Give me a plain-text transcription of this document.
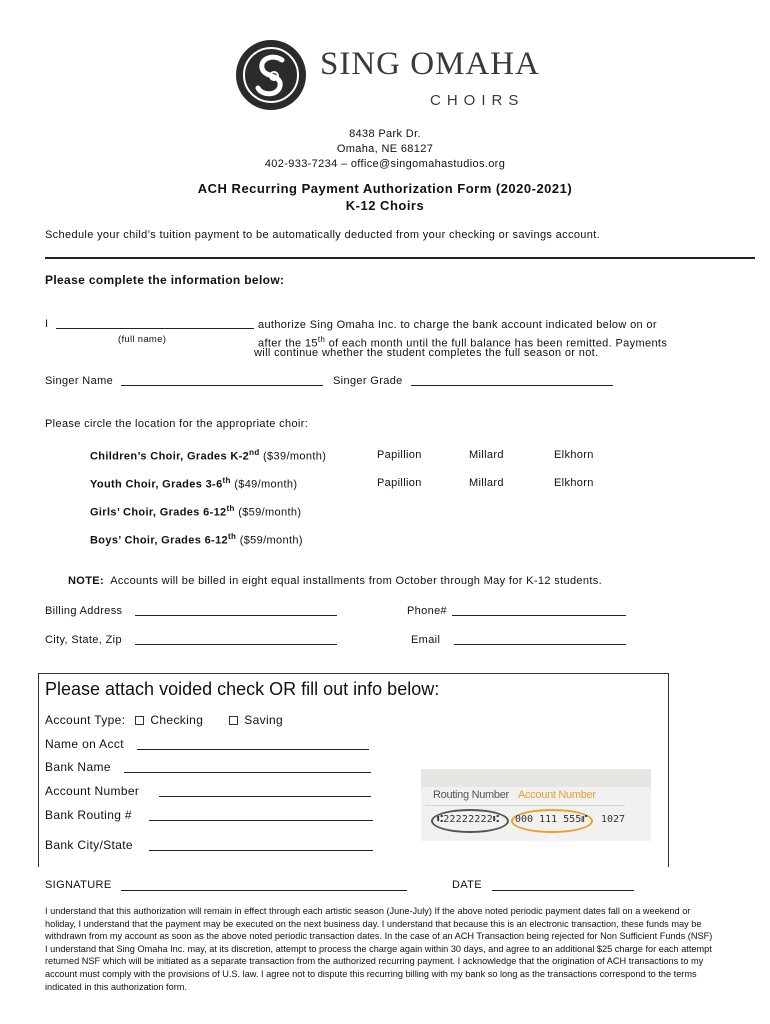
SING OMAHA
CHOIRS
8438 Park Dr.
Omaha, NE 68127
402-933-7234 – office@singomahastudios.org
ACH Recurring Payment Authorization Form (2020-2021)
K-12 Choirs
Schedule your child’s tuition payment to be automatically deducted from your checking or savings account.
Please complete the information below:
I
(full name)
authorize Sing Omaha Inc. to charge the bank account indicated below on or
after the 15th of each month until the full balance has been remitted. Payments
will continue whether the student completes the full season or not.
Singer Name	Singer Grade
Please circle the location for the appropriate choir:
Children’s Choir, Grades K-2nd ($39/month)	Papillion	Millard	Elkhorn
Youth Choir, Grades 3-6th ($49/month)	Papillion	Millard	Elkhorn
Girls’ Choir, Grades 6-12th ($59/month)
Boys’ Choir, Grades 6-12th ($59/month)
NOTE: Accounts will be billed in eight equal installments from October through May for K-12 students.
Billing Address	Phone#
City, State, Zip	Email
Please attach voided check OR fill out info below:
Account Type: Checking	Saving
Name on Acct
Bank Name
Account Number
Bank Routing #
Bank City/State
Routing Number Account Number
⑆22222222⑆ 000 111 555⑈ 1027
SIGNATURE	DATE
I understand that this authorization will remain in effect through each artistic season (June-July) If the above noted periodic payment dates fall on a weekend or holiday, I understand that the payment may be executed on the next business day. I understand that because this is an electronic transaction, these funds may be withdrawn from my account as soon as the above noted periodic transaction dates. In the case of an ACH Transaction being rejected for Non Sufficient Funds (NSF) I understand that Sing Omaha Inc. may, at its discretion, attempt to process the charge again within 30 days, and agree to an additional $25 charge for each attempt returned NSF which will be initiated as a separate transaction from the authorized recurring payment. I acknowledge that the origination of ACH transactions to my account must comply with the provisions of U.S. law. I agree not to dispute this recurring billing with my bank so long as the transactions correspond to the terms indicated in this authorization form.
